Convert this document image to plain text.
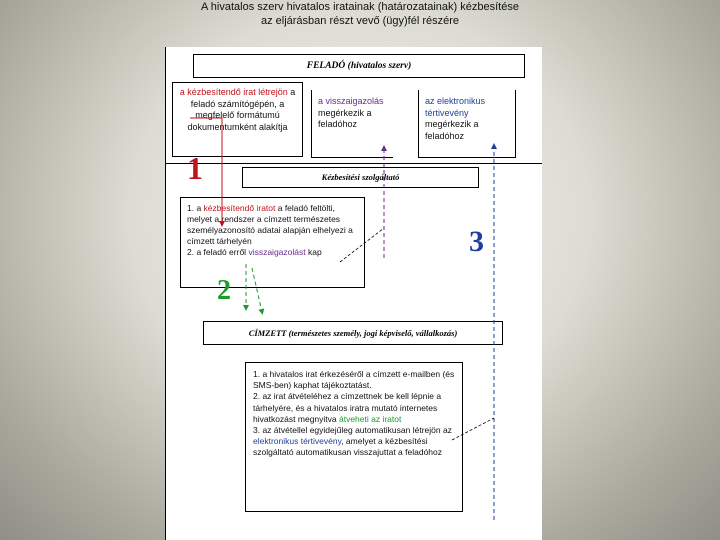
A hivatalos szerv hivatalos iratainak (határozatainak) kézbesítése
az eljárásban részt vevő (ügy)fél részére
FELADÓ (hivatalos szerv)
a kézbesítendő irat létrejön a feladó számítógépén, a megfelelő formátumú dokumentumként alakítja
a visszaigazolás megérkezik a feladóhoz
az elektronikus tértivevény megérkezik a feladóhoz
Kézbesítési szolgáltató
1. a kézbesítendő iratot a feladó feltölti, melyet a rendszer a címzett természetes személyazonosító adatai alapján elhelyezi a címzett tárhelyén
2. a feladó erről visszaigazolást kap
CÍMZETT (természetes személy, jogi képviselő, vállalkozás)
1. a hivatalos irat érkezéséről a címzett e-mailben (és SMS-ben) kaphat tájékoztatást.
2. az irat átvételéhez a címzettnek be kell lépnie a tárhelyére, és a hivatalos iratra mutató internetes hivatkozást megnyitva átveheti az iratot
3. az átvétellel egyidejűleg automatikusan létrejön az elektronikus tértivevény, amelyet a kézbesítési szolgáltató automatikusan visszajuttat a feladóhoz
1
2
3
